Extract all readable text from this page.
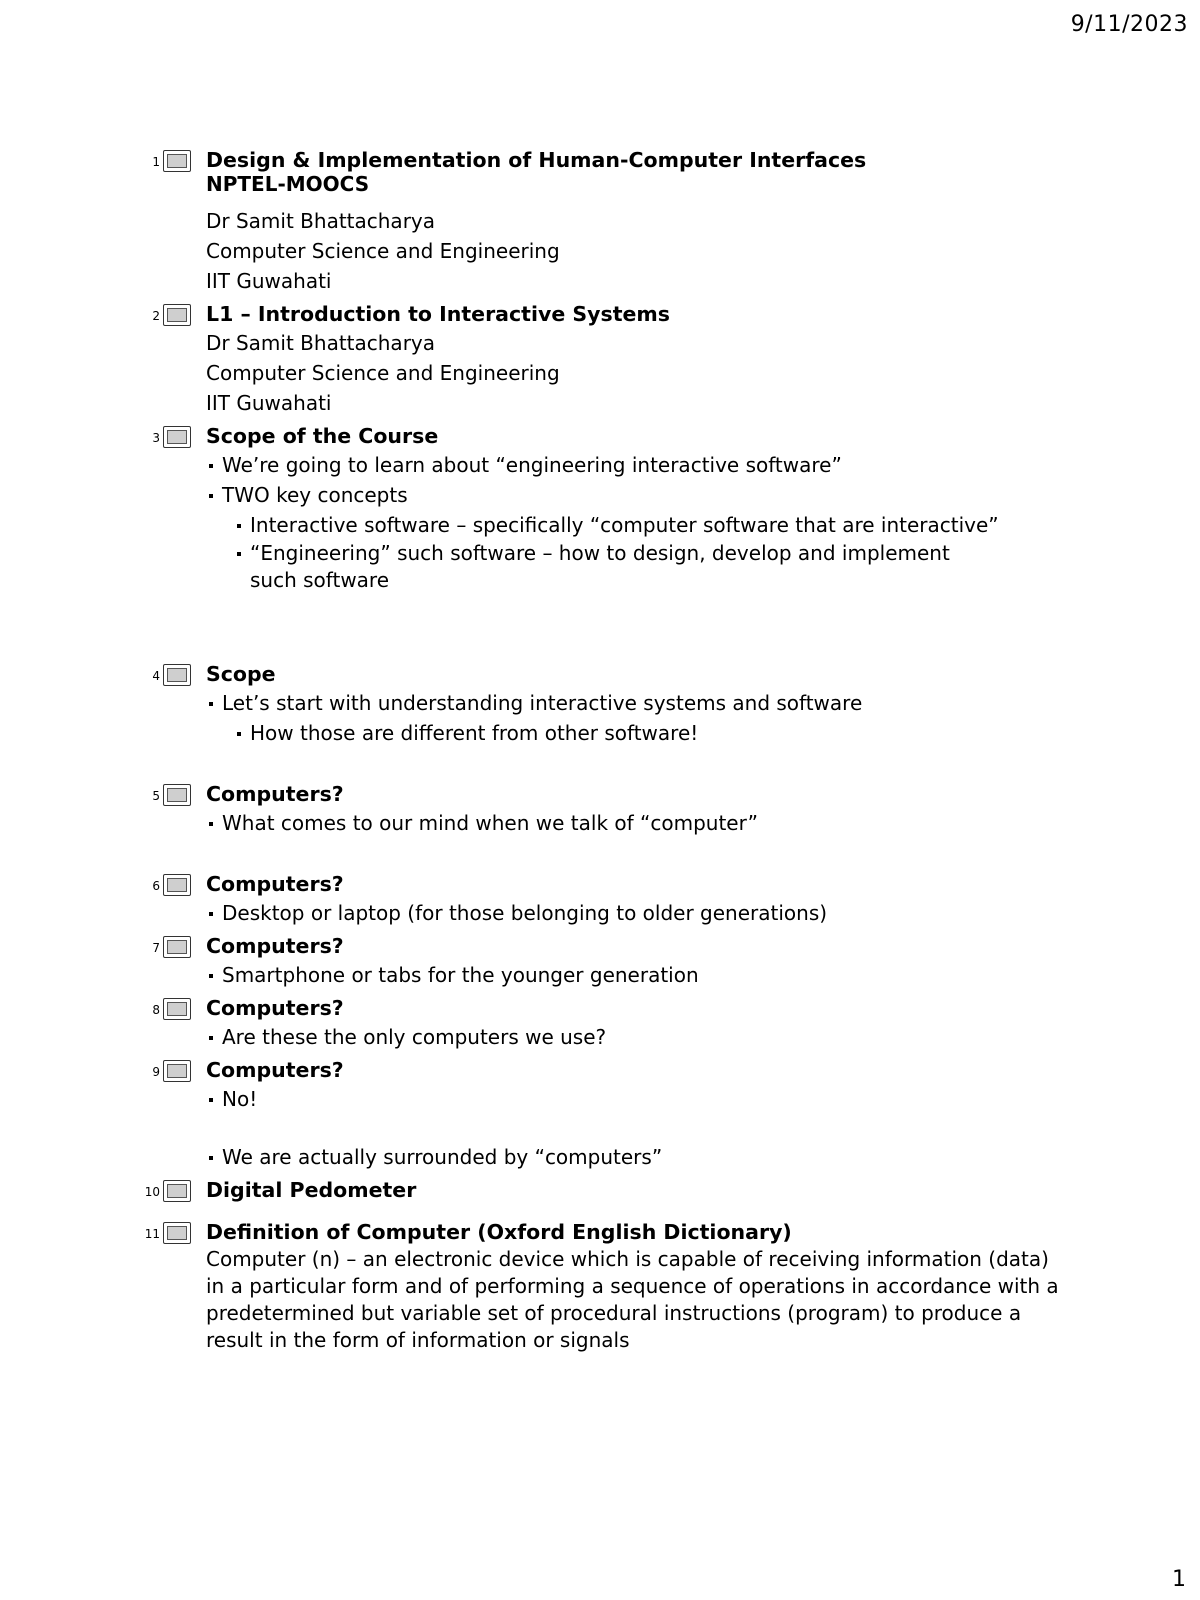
9/11/2023
1 Design & Implementation of Human-Computer Interfaces
NPTEL-MOOCS
Dr Samit Bhattacharya
Computer Science and Engineering
IIT Guwahati
2 L1 – Introduction to Interactive Systems
Dr Samit Bhattacharya
Computer Science and Engineering
IIT Guwahati
3 Scope of the Course
We’re going to learn about “engineering interactive software”
TWO key concepts
Interactive software – specifically “computer software that are interactive”
“Engineering” such software – how to design, develop and implement such software
4 Scope
Let’s start with understanding interactive systems and software
How those are different from other software!
5 Computers?
What comes to our mind when we talk of “computer”
6 Computers?
Desktop or laptop (for those belonging to older generations)
7 Computers?
Smartphone or tabs for the younger generation
8 Computers?
Are these the only computers we use?
9 Computers?
No!
We are actually surrounded by “computers”
10 Digital Pedometer
11 Definition of Computer (Oxford English Dictionary)
Computer (n) – an electronic device which is capable of receiving information (data) in a particular form and of performing a sequence of operations in accordance with a predetermined but variable set of procedural instructions (program) to produce a result in the form of information or signals
1
